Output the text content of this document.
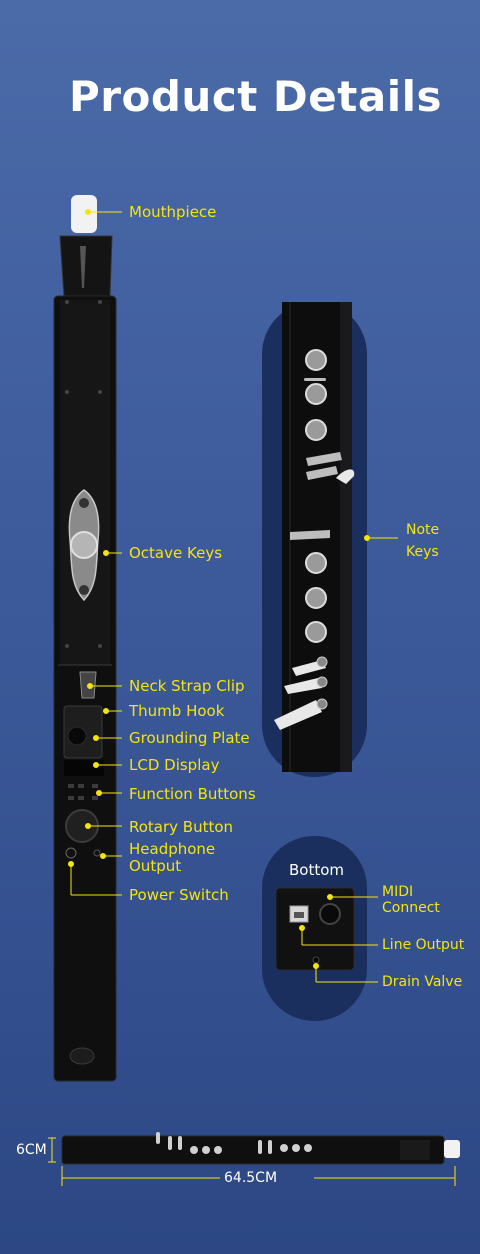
Product Details
Mouthpiece
Octave Keys
Neck Strap Clip
Thumb Hook
Grounding Plate
LCD Display
Function Buttons
Rotary Button
Headphone
Output
Power Switch
Note
Keys
Bottom
MIDI
Connect
Line Output
Drain Valve
6CM
64.5CM
